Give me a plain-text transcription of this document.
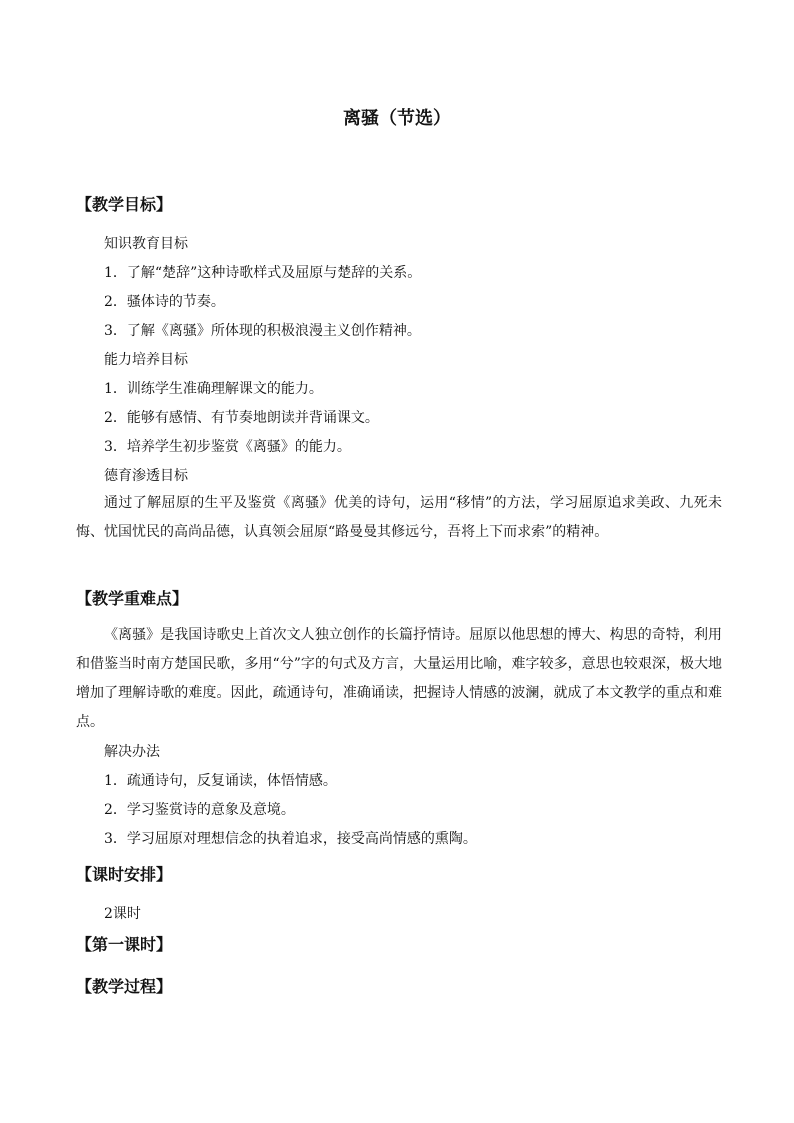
离骚（节选）
【教学目标】
知识教育目标
1．了解“楚辞”这种诗歌样式及屈原与楚辞的关系。
2．骚体诗的节奏。
3．了解《离骚》所体现的积极浪漫主义创作精神。
能力培养目标
1．训练学生准确理解课文的能力。
2．能够有感情、有节奏地朗读并背诵课文。
3．培养学生初步鉴赏《离骚》的能力。
德育渗透目标
通过了解屈原的生平及鉴赏《离骚》优美的诗句，运用“移情”的方法，学习屈原追求美政、九死未悔、忧国忧民的高尚品德，认真领会屈原“路曼曼其修远兮，吾将上下而求索”的精神。
【教学重难点】
《离骚》是我国诗歌史上首次文人独立创作的长篇抒情诗。屈原以他思想的博大、构思的奇特，利用和借鉴当时南方楚国民歌，多用“兮”字的句式及方言，大量运用比喻，难字较多，意思也较艰深，极大地增加了理解诗歌的难度。因此，疏通诗句，准确诵读，把握诗人情感的波澜，就成了本文教学的重点和难点。
解决办法
1．疏通诗句，反复诵读，体悟情感。
2．学习鉴赏诗的意象及意境。
3．学习屈原对理想信念的执着追求，接受高尚情感的熏陶。
【课时安排】
2课时
【第一课时】
【教学过程】
